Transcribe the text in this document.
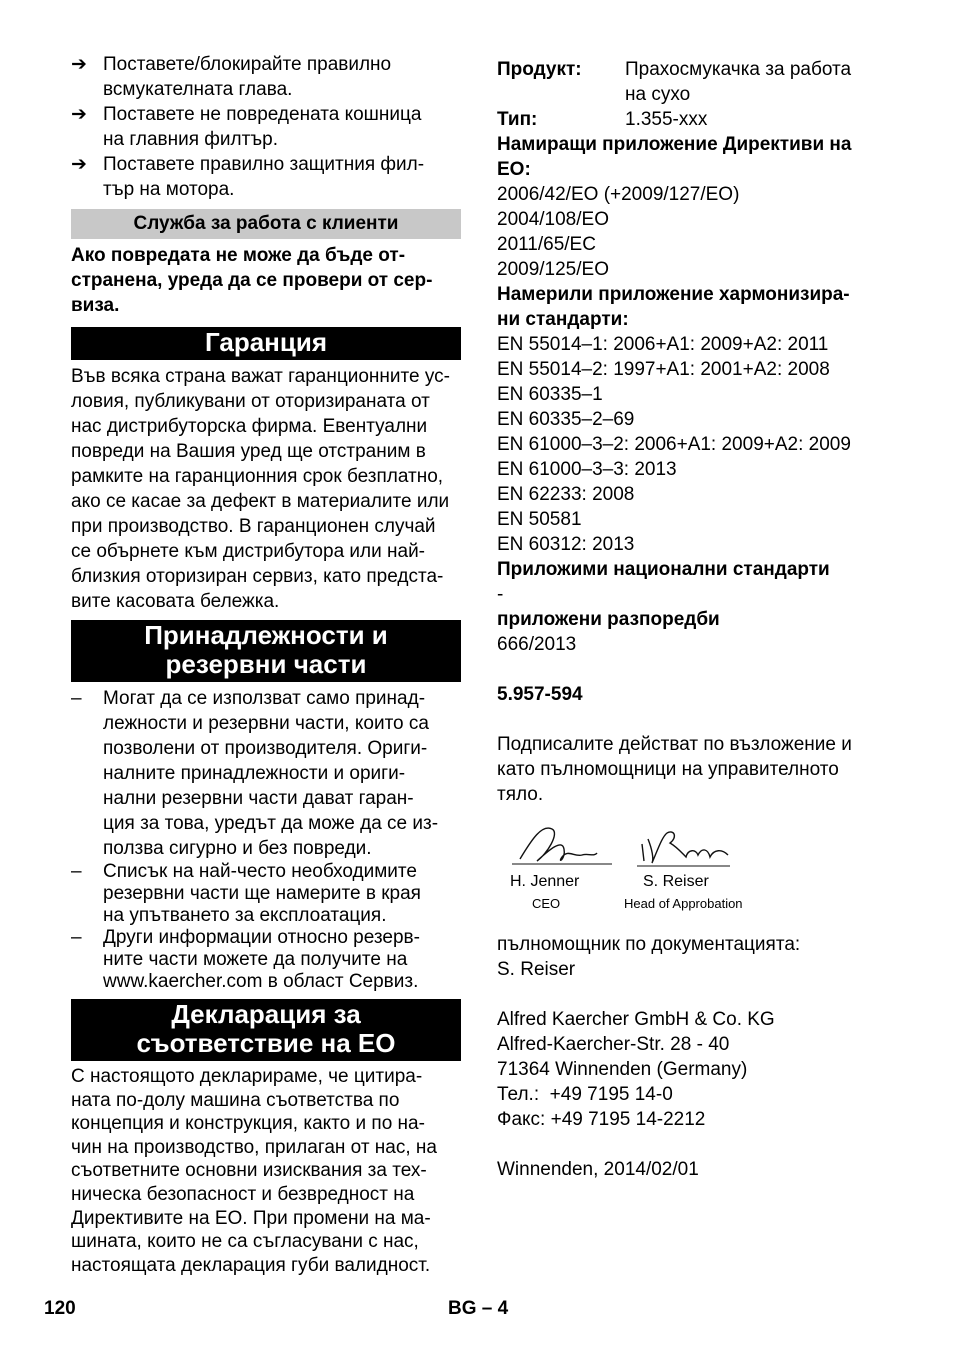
➔ Поставете/блокирайте правилно
всмукателната глава.
➔ Поставете не повредената кошница
на главния филтър.
➔ Поставете правилно защитния фил-
тър на мотора.
Служба за работа с клиенти
Ако повредата не може да бъде от-
странена, уреда да се провери от сер-
виза.
Гаранция
Във всяка страна важат гаранционните ус-
ловия, публикувани от оторизираната от
нас дистрибуторска фирма. Евентуални
повреди на Вашия уред ще отстраним в
рамките на гаранционния срок безплатно,
ако се касае за дефект в материалите или
при производство. В гаранционен случай
се обърнете към дистрибутора или най-
близкия оторизиран сервиз, като предста-
вите касовата бележка.
Принадлежности и
резервни части
–	Могат да се използват само принад-
лежности и резервни части, които са
позволени от производителя. Ориги-
налните принадлежности и ориги-
нални резервни части дават гаран-
ция за това, уредът да може да се из-
ползва сигурно и без повреди.
–	Списък на най-често необходимите
резервни части ще намерите в края
на упътването за експлоатация.
–	Други информации относно резерв-
ните части можете да получите на
www.kaercher.com в област Сервиз.
Декларация за
съответствие на ЕО
С настоящото декларираме, че цитира-
ната по-долу машина съответства по
концепция и конструкция, както и по на-
чин на производство, прилаган от нас, на
съответните основни изисквания за тех-
ническа безопасност и безвредност на
Директивите на ЕО. При промени на ма-
шината, които не са съгласувани с нас,
настоящата декларация губи валидност.
Продукт:	Прахосмукачка за работа
на сухо
Тип:	1.355-xxx
Намиращи приложение Директиви на ЕО:
2006/42/ЕО (+2009/127/ЕО)
2004/108/ЕО
2011/65/ЕС
2009/125/ЕО
Намерили приложение хармонизира-
ни стандарти:
EN 55014–1: 2006+A1: 2009+A2: 2011
EN 55014–2: 1997+A1: 2001+A2: 2008
EN 60335–1
EN 60335–2–69
EN 61000–3–2: 2006+A1: 2009+A2: 2009
EN 61000–3–3: 2013
EN 62233: 2008
EN 50581
EN 60312: 2013
Приложими национални стандарти
-
приложени разпоредби
666/2013
5.957-594
Подписалите действат по възложение и
като пълномощници на управителното
тяло.
H. Jenner
CEO
S. Reiser
Head of Approbation
пълномощник по документацията:
S. Reiser
Alfred Kaercher GmbH & Co. KG
Alfred-Kaercher-Str. 28 - 40
71364 Winnenden (Germany)
Тел.:  +49 7195 14-0
Факс: +49 7195 14-2212
Winnenden, 2014/02/01
120	BG – 4
